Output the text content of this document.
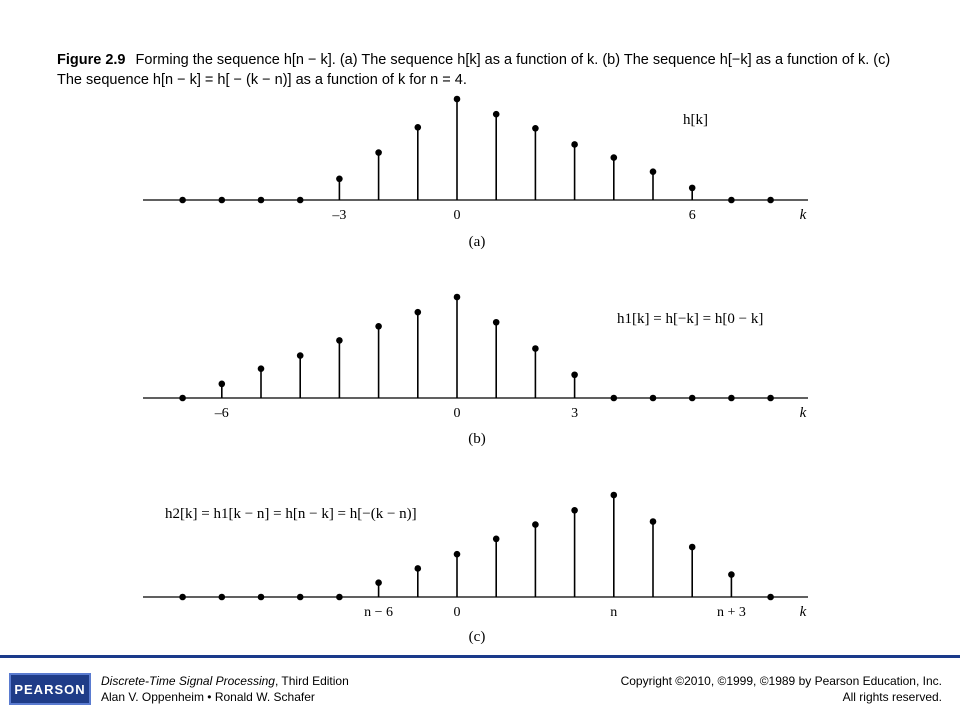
Figure 2.9 Forming the sequence h[n − k]. (a) The sequence h[k] as a function of k. (b) The sequence h[−k] as a function of k. (c) The sequence h[n − k] = h[ − (k − n)] as a function of k for n = 4.

–3	0	6	k
(a)
h[k]
–6	0	3	k
(b)
h1[k] = h[−k] = h[0 − k]
n − 6	0	n	n + 3	k
(c)
h2[k] = h1[k − n] = h[n − k] = h[−(k − n)]
PEARSON
Discrete-Time Signal Processing, Third Edition
Alan V. Oppenheim • Ronald W. Schafer
Copyright ©2010, ©1999, ©1989 by Pearson Education, Inc.
All rights reserved.
